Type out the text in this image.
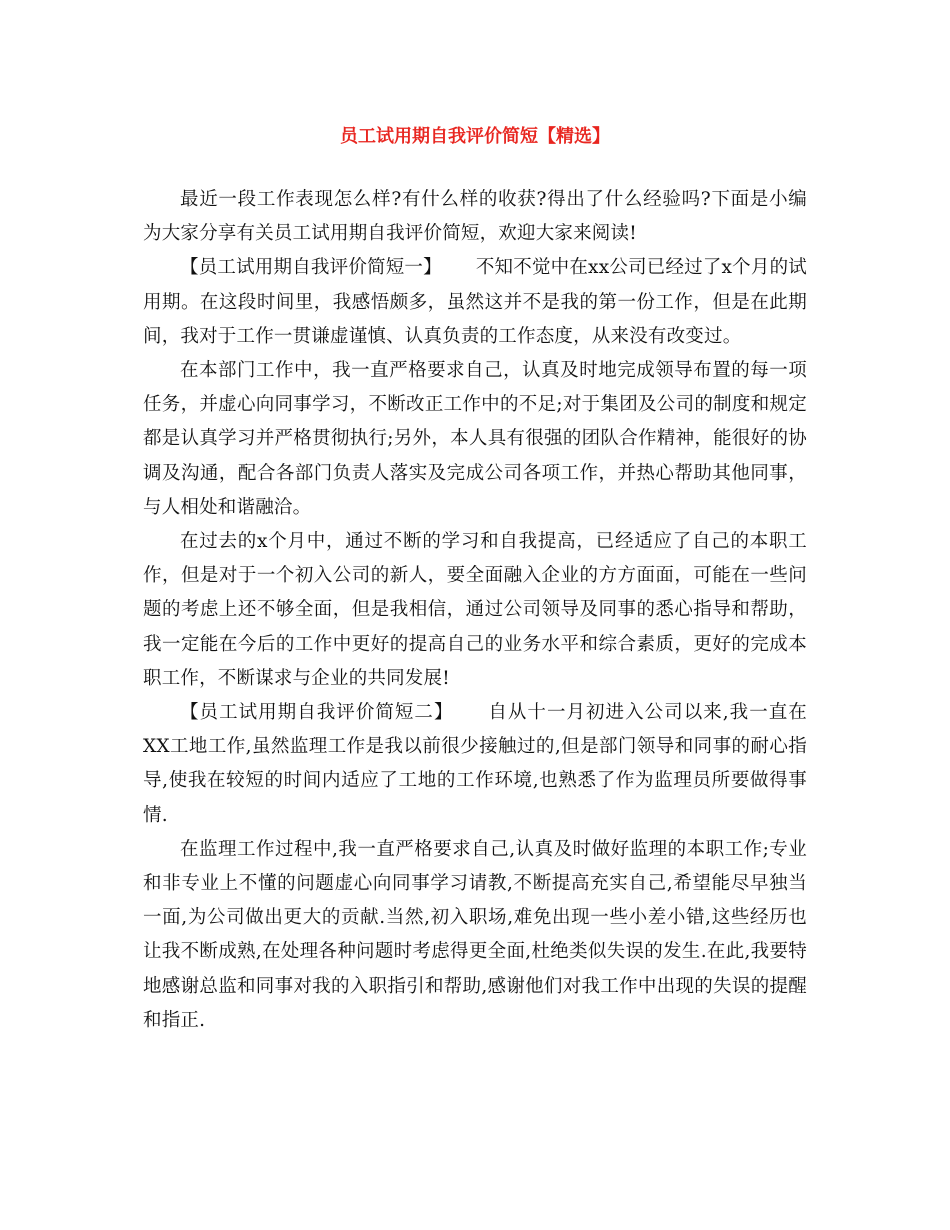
员工试用期自我评价简短【精选】

最近一段工作表现怎么样?有什么样的收获?得出了什么经验吗?下面是小编为大家分享有关员工试用期自我评价简短，欢迎大家来阅读!

【员工试用期自我评价简短一】 不知不觉中在xx公司已经过了x个月的试用期。在这段时间里，我感悟颇多，虽然这并不是我的第一份工作，但是在此期间，我对于工作一贯谦虚谨慎、认真负责的工作态度，从来没有改变过。

在本部门工作中，我一直严格要求自己，认真及时地完成领导布置的每一项任务，并虚心向同事学习，不断改正工作中的不足;对于集团及公司的制度和规定都是认真学习并严格贯彻执行;另外，本人具有很强的团队合作精神，能很好的协调及沟通，配合各部门负责人落实及完成公司各项工作，并热心帮助其他同事，与人相处和谐融洽。

在过去的x个月中，通过不断的学习和自我提高，已经适应了自己的本职工作，但是对于一个初入公司的新人，要全面融入企业的方方面面，可能在一些问题的考虑上还不够全面，但是我相信，通过公司领导及同事的悉心指导和帮助，我一定能在今后的工作中更好的提高自己的业务水平和综合素质，更好的完成本职工作，不断谋求与企业的共同发展!

【员工试用期自我评价简短二】 自从十一月初进入公司以来,我一直在XX工地工作,虽然监理工作是我以前很少接触过的,但是部门领导和同事的耐心指导,使我在较短的时间内适应了工地的工作环境,也熟悉了作为监理员所要做得事情.

在监理工作过程中,我一直严格要求自己,认真及时做好监理的本职工作;专业和非专业上不懂的问题虚心向同事学习请教,不断提高充实自己,希望能尽早独当一面,为公司做出更大的贡献.当然,初入职场,难免出现一些小差小错,这些经历也让我不断成熟,在处理各种问题时考虑得更全面,杜绝类似失误的发生.在此,我要特地感谢总监和同事对我的入职指引和帮助,感谢他们对我工作中出现的失误的提醒和指正.
